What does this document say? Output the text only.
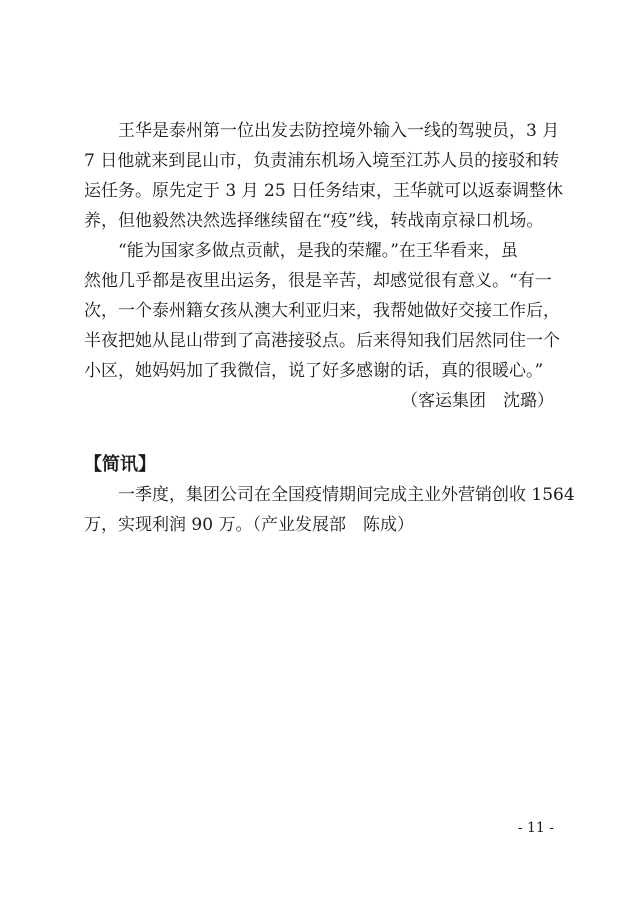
　　王华是泰州第一位出发去防控境外输入一线的驾驶员，3 月
7 日他就来到昆山市，负责浦东机场入境至江苏人员的接驳和转
运任务。原先定于 3 月 25 日任务结束，王华就可以返泰调整休
养，但他毅然决然选择继续留在“疫”线，转战南京禄口机场。

　　“能为国家多做点贡献，是我的荣耀。”在王华看来，虽
然他几乎都是夜里出运务，很是辛苦，却感觉很有意义。“有一
次，一个泰州籍女孩从澳大利亚归来，我帮她做好交接工作后，
半夜把她从昆山带到了高港接驳点。后来得知我们居然同住一个
小区，她妈妈加了我微信，说了好多感谢的话，真的很暖心。”

（客运集团　沈璐）
【简讯】

　　一季度，集团公司在全国疫情期间完成主业外营销创收 1564
万，实现利润 90 万。（产业发展部　陈成）

- 11 -
